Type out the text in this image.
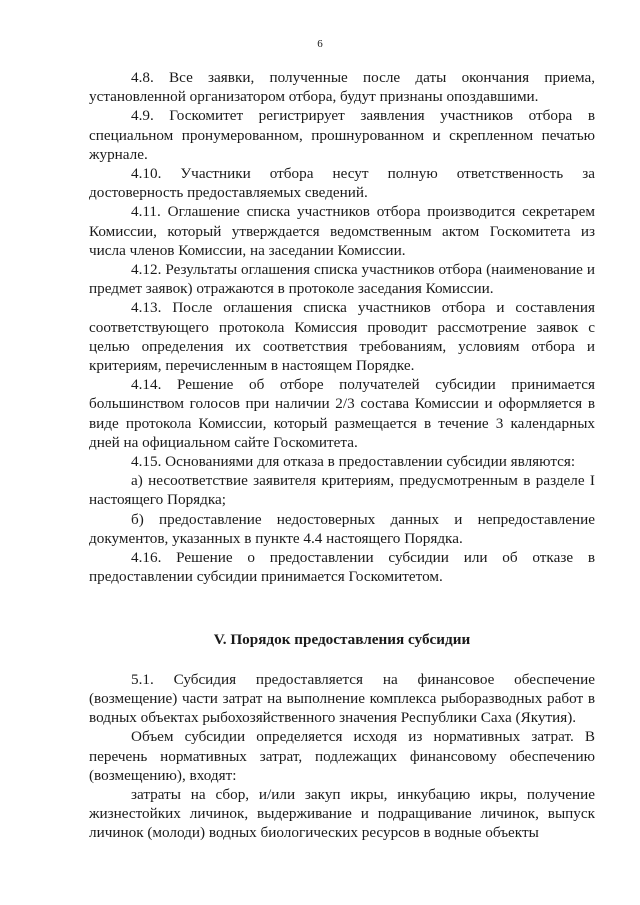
6

4.8. Все заявки, полученные после даты окончания приема, установленной организатором отбора, будут признаны опоздавшими.

4.9. Госкомитет регистрирует заявления участников отбора в специальном пронумерованном, прошнурованном и скрепленном печатью журнале.

4.10. Участники отбора несут полную ответственность за достоверность предоставляемых сведений.

4.11. Оглашение списка участников отбора производится секретарем Комиссии, который утверждается ведомственным актом Госкомитета из числа членов Комиссии, на заседании Комиссии.

4.12. Результаты оглашения списка участников отбора (наименование и предмет заявок) отражаются в протоколе заседания Комиссии.

4.13. После оглашения списка участников отбора и составления соответствующего протокола Комиссия проводит рассмотрение заявок с целью определения их соответствия требованиям, условиям отбора и критериям, перечисленным в настоящем Порядке.

4.14. Решение об отборе получателей субсидии принимается большинством голосов при наличии 2/3 состава Комиссии и оформляется в виде протокола Комиссии, который размещается в течение 3 календарных дней на официальном сайте Госкомитета.

4.15. Основаниями для отказа в предоставлении субсидии являются:

а) несоответствие заявителя критериям, предусмотренным в разделе I настоящего Порядка;

б) предоставление недостоверных данных и непредоставление документов, указанных в пункте 4.4 настоящего Порядка.

4.16. Решение о предоставлении субсидии или об отказе в предоставлении субсидии принимается Госкомитетом.

V. Порядок предоставления субсидии

5.1. Субсидия предоставляется на финансовое обеспечение (возмещение) части затрат на выполнение комплекса рыборазводных работ в водных объектах рыбохозяйственного значения Республики Саха (Якутия).

Объем субсидии определяется исходя из нормативных затрат. В перечень нормативных затрат, подлежащих финансовому обеспечению (возмещению), входят:

затраты на сбор, и/или закуп икры, инкубацию икры, получение жизнестойких личинок, выдерживание и подращивание личинок, выпуск личинок (молоди) водных биологических ресурсов в водные объекты
